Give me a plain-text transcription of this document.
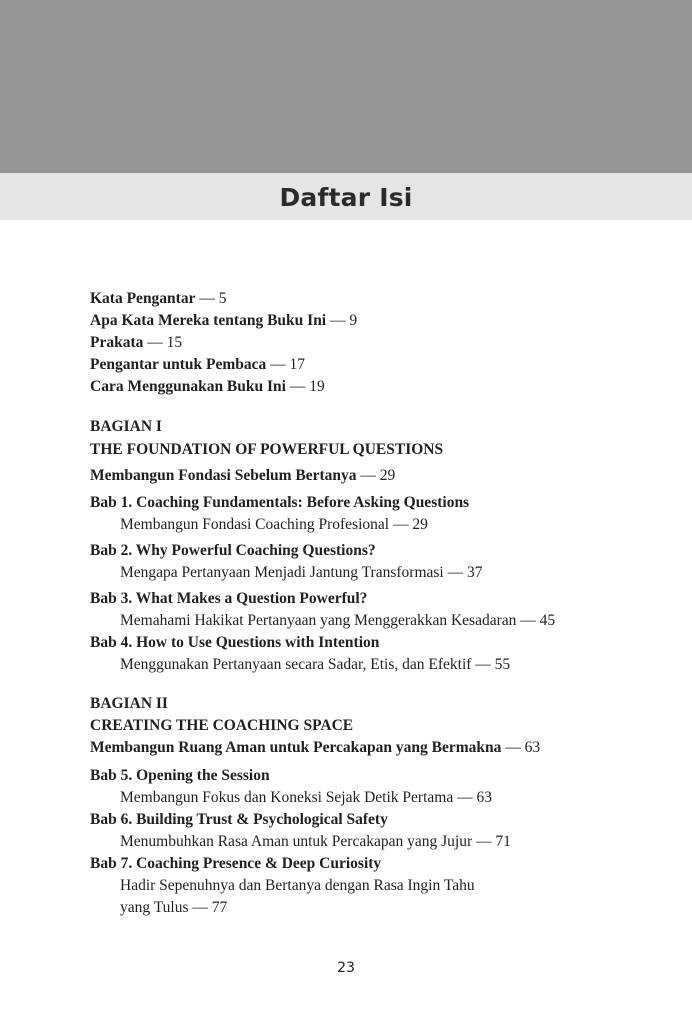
Daftar Isi
Kata Pengantar — 5
Apa Kata Mereka tentang Buku Ini — 9
Prakata — 15
Pengantar untuk Pembaca — 17
Cara Menggunakan Buku Ini — 19
BAGIAN I
THE FOUNDATION OF POWERFUL QUESTIONS
Membangun Fondasi Sebelum Bertanya — 29
Bab 1. Coaching Fundamentals: Before Asking Questions
Membangun Fondasi Coaching Profesional — 29
Bab 2. Why Powerful Coaching Questions?
Mengapa Pertanyaan Menjadi Jantung Transformasi — 37
Bab 3. What Makes a Question Powerful?
Memahami Hakikat Pertanyaan yang Menggerakkan Kesadaran — 45
Bab 4. How to Use Questions with Intention
Menggunakan Pertanyaan secara Sadar, Etis, dan Efektif — 55
BAGIAN II
CREATING THE COACHING SPACE
Membangun Ruang Aman untuk Percakapan yang Bermakna — 63
Bab 5. Opening the Session
Membangun Fokus dan Koneksi Sejak Detik Pertama — 63
Bab 6. Building Trust & Psychological Safety
Menumbuhkan Rasa Aman untuk Percakapan yang Jujur — 71
Bab 7. Coaching Presence & Deep Curiosity
Hadir Sepenuhnya dan Bertanya dengan Rasa Ingin Tahu
yang Tulus — 77
23
